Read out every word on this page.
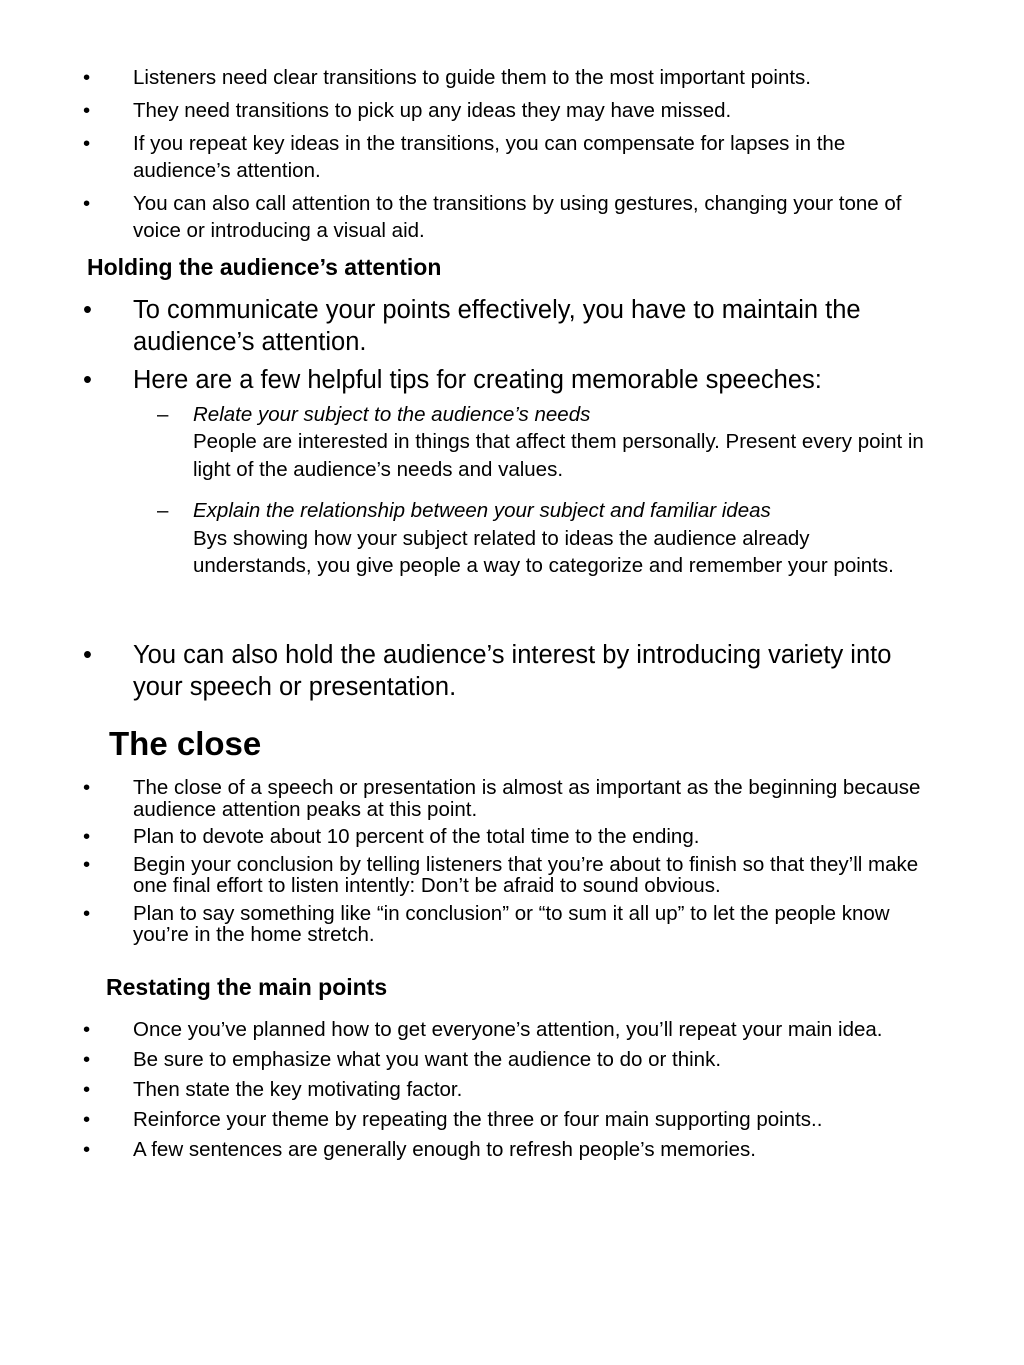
• Listeners need clear transitions to guide them to the most important points.
• They need transitions to pick up any ideas they may have missed.
• If you repeat key ideas in the transitions, you can compensate for lapses in the audience’s attention.
• You can also call attention to the transitions by using gestures, changing your tone of voice or introducing a visual aid.
Holding the audience’s attention
• To communicate your points effectively, you have to maintain the audience’s attention.
• Here are a few helpful tips for creating memorable speeches:
– Relate your subject to the audience’s needs
People are interested in things that affect them personally. Present every point in light of the audience’s needs and values.
– Explain the relationship between your subject and familiar ideas
Bys showing how your subject related to ideas the audience already understands, you give people a way to categorize and remember your points.
• You can also hold the audience’s interest by introducing variety into your speech or presentation.
The close
• The close of a speech or presentation is almost as important as the beginning because audience attention peaks at this point.
• Plan to devote about 10 percent of the total time to the ending.
• Begin your conclusion by telling listeners that you’re about to finish so that they’ll make one final effort to listen intently: Don’t be afraid to sound obvious.
• Plan to say something like “in conclusion” or “to sum it all up” to let the people know you’re in the home stretch.
Restating the main points
• Once you’ve planned how to get everyone’s attention, you’ll repeat your main idea.
• Be sure to emphasize what you want the audience to do or think.
• Then state the key motivating factor.
• Reinforce your theme by repeating the three or four main supporting points..
• A few sentences are generally enough to refresh people’s memories.
